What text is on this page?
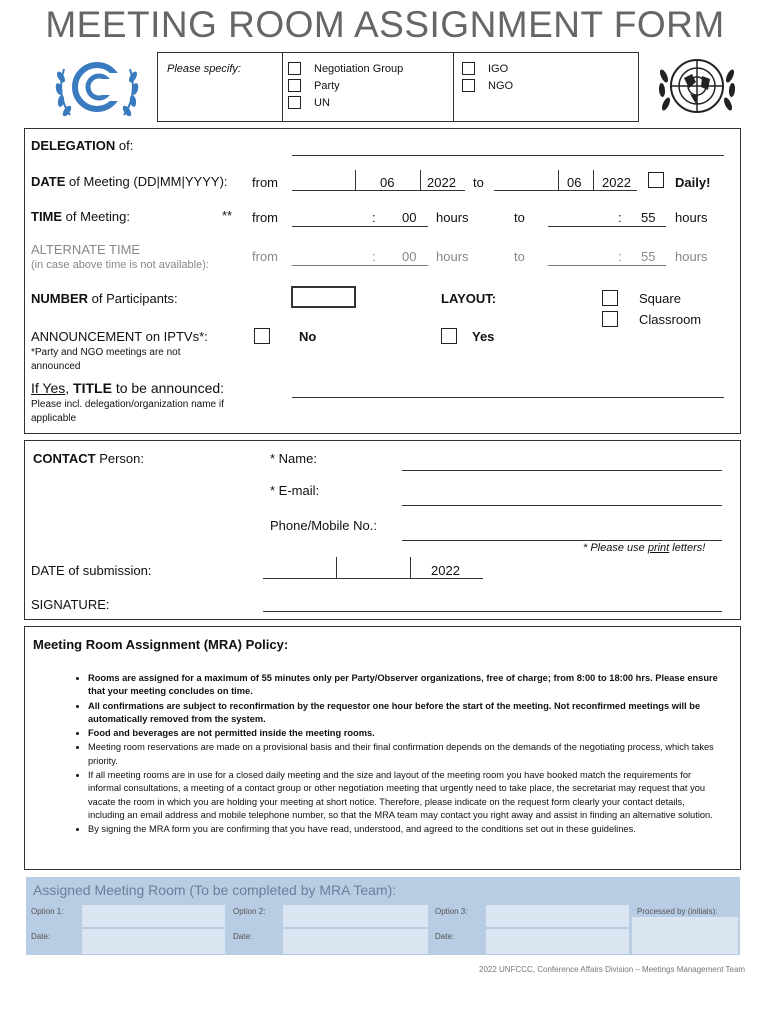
MEETING ROOM ASSIGNMENT FORM
Please specify:	Negotiation Group
Party
UN
IGO
NGO
DELEGATION of:
DATE of Meeting (DD|MM|YYYY): from	06	2022 to	06 2022	Daily!
TIME of Meeting:	** from	: 00 hours	to	: 55 hours
ALTERNATE TIME
(in case above time is not available):
from	: 00 hours	to	: 55 hours
NUMBER of Participants:	LAYOUT:	Square
Classroom
ANNOUNCEMENT on IPTVs*:	No	Yes
*Party and NGO meetings are not announced
If Yes, TITLE to be announced:
Please incl. delegation/organization name if applicable
CONTACT Person:	* Name:
* E-mail:
Phone/Mobile No.:
* Please use print letters!
DATE of submission:	2022
SIGNATURE:
Meeting Room Assignment (MRA) Policy:
• Rooms are assigned for a maximum of 55 minutes only per Party/Observer organizations, free of charge; from 8:00 to 18:00 hrs. Please ensure that your meeting concludes on time.
• All confirmations are subject to reconfirmation by the requestor one hour before the start of the meeting. Not reconfirmed meetings will be automatically removed from the system.
• Food and beverages are not permitted inside the meeting rooms.
• Meeting room reservations are made on a provisional basis and their final confirmation depends on the demands of the negotiating process, which takes priority.
• If all meeting rooms are in use for a closed daily meeting and the size and layout of the meeting room you have booked match the requirements for informal consultations, a meeting of a contact group or other negotiation meeting that urgently need to take place, the secretariat may request that you vacate the room in which you are holding your meeting at short notice. Therefore, please indicate on the request form clearly your contact details, including an email address and mobile telephone number, so that the MRA team may contact you right away and assist in finding an alternative solution.
• By signing the MRA form you are confirming that you have read, understood, and agreed to the conditions set out in these guidelines.
Assigned Meeting Room (To be completed by MRA Team):
Option 1:	Option 2:	Option 3:	Processed by (initials):
Date:	Date:	Date:
2022 UNFCCC, Conference Affairs Division – Meetings Management Team
